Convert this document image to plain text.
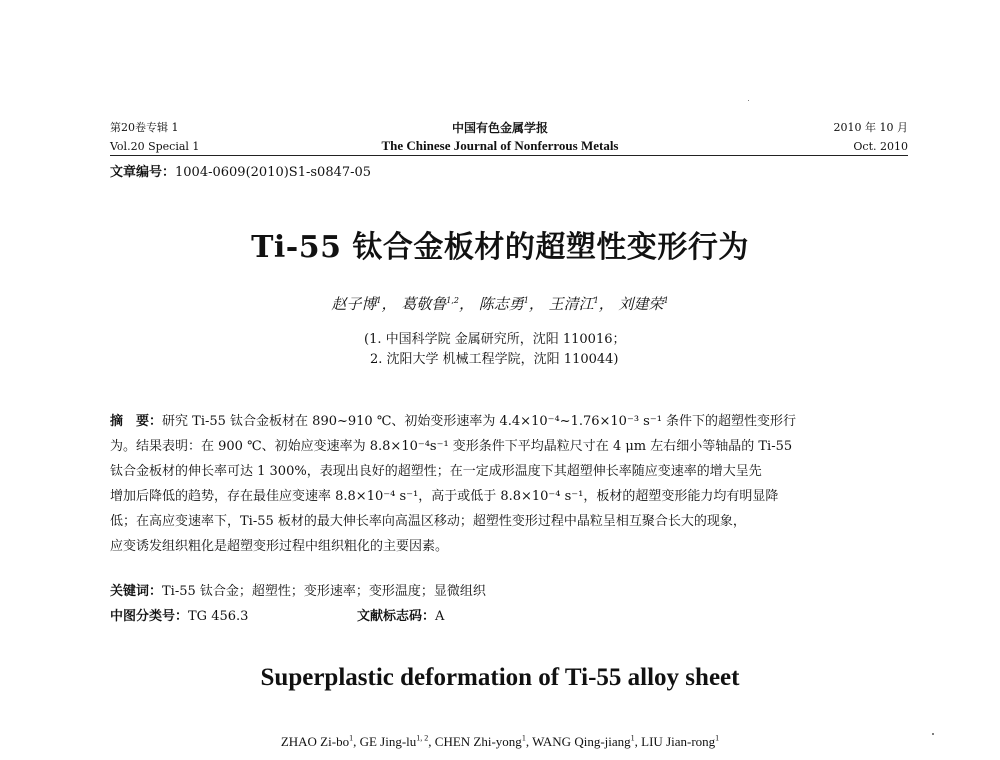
第20卷专辑 1
Vol.20 Special 1
中国有色金属学报
The Chinese Journal of Nonferrous Metals
2010 年 10 月
Oct. 2010
文章编号：1004-0609(2010)S1-s0847-05
Ti-55 钛合金板材的超塑性变形行为
赵子博$^1$， 葛敬鲁$^{1,2}$， 陈志勇$^1$， 王清江$^1$， 刘建荣$^1$
(1. 中国科学院 金属研究所，沈阳 110016；
2. 沈阳大学 机械工程学院，沈阳 110044)
摘　要：研究 Ti-55 钛合金板材在 890~910 ℃、初始变形速率为 4.4×10⁻⁴~1.76×10⁻³ s⁻¹ 条件下的超塑性变形行
为。结果表明：在 900 ℃、初始应变速率为 8.8×10⁻⁴s⁻¹ 变形条件下平均晶粒尺寸在 4 μm 左右细小等轴晶的 Ti-55
钛合金板材的伸长率可达 1 300%，表现出良好的超塑性；在一定成形温度下其超塑伸长率随应变速率的增大呈先
增加后降低的趋势，存在最佳应变速率 8.8×10⁻⁴ s⁻¹，高于或低于 8.8×10⁻⁴ s⁻¹，板材的超塑变形能力均有明显降
低；在高应变速率下，Ti-55 板材的最大伸长率向高温区移动；超塑性变形过程中晶粒呈相互聚合长大的现象，
应变诱发组织粗化是超塑变形过程中组织粗化的主要因素。
关键词：Ti-55 钛合金；超塑性；变形速率；变形温度；显微组织
中图分类号：TG 456.3	文献标志码：A
Superplastic deformation of Ti-55 alloy sheet
ZHAO $Zi-bo^1$, GE Jing-lu$^{1, 2}$, CHEN Zhi-yong$^1$, WANG Qing-jiang$^1$, LIU Jian-rong$^1$
